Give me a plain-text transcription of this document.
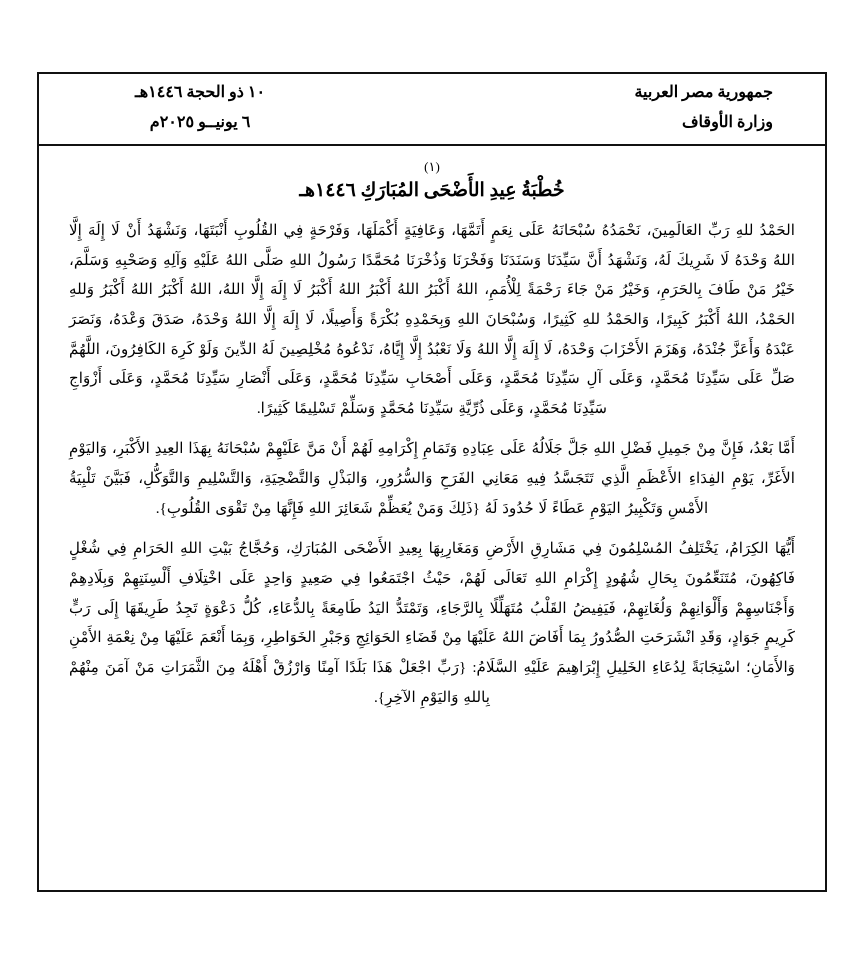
جمهورية مصر العربية
وزارة الأوقاف
١٠ ذو الحجة ١٤٤٦هـ
٦ يونيــو ٢٠٢٥م
(١)
خُطْبَةُ عِيدِ الأَضْحَى المُبَارَكِ ١٤٤٦هـ

الحَمْدُ للهِ رَبِّ العَالَمِينَ، نَحْمَدُهُ سُبْحَانَهُ عَلَى نِعَمٍ أَتَمَّهَا، وَعَافِيَةٍ أَكْمَلَهَا، وَفَرْحَةٍ فِي القُلُوبِ أَنْبَتَهَا، وَنَشْهَدُ أَنْ لَا إِلَهَ إِلَّا اللهُ وَحْدَهُ لَا شَرِيكَ لَهُ، وَنَشْهَدُ أَنَّ سَيِّدَنَا وَسَنَدَنَا وَفَخْرَنَا وَذُخْرَنَا مُحَمَّدًا رَسُولُ اللهِ صَلَّى اللهُ عَلَيْهِ وَآلِهِ وَصَحْبِهِ وَسَلَّمَ، خَيْرُ مَنْ طَافَ بِالحَرَمِ، وَخَيْرُ مَنْ جَاءَ رَحْمَةً لِلْأُمَمِ، اللهُ أَكْبَرُ اللهُ أَكْبَرُ اللهُ أَكْبَرُ لَا إِلَهَ إِلَّا اللهُ، اللهُ أَكْبَرُ اللهُ أَكْبَرُ وَللهِ الحَمْدُ، اللهُ أَكْبَرُ كَبِيرًا، وَالحَمْدُ للهِ كَثِيرًا، وَسُبْحَانَ اللهِ وَبِحَمْدِهِ بُكْرَةً وَأَصِيلًا، لَا إِلَهَ إِلَّا اللهُ وَحْدَهُ، صَدَقَ وَعْدَهُ، وَنَصَرَ عَبْدَهُ وَأَعَزَّ جُنْدَهُ، وَهَزَمَ الأَحْزَابَ وَحْدَهُ، لَا إِلَهَ إِلَّا اللهُ وَلَا نَعْبُدُ إِلَّا إِيَّاهُ، نَدْعُوهُ مُخْلِصِينَ لَهُ الدِّينَ وَلَوْ كَرِهَ الكَافِرُونَ، اللَّهُمَّ صَلِّ عَلَى سَيِّدِنَا مُحَمَّدٍ، وَعَلَى آلِ سَيِّدِنَا مُحَمَّدٍ، وَعَلَى أَصْحَابِ سَيِّدِنَا مُحَمَّدٍ، وَعَلَى أَنْصَارِ سَيِّدِنَا مُحَمَّدٍ، وَعَلَى أَزْوَاجِ سَيِّدِنَا مُحَمَّدٍ، وَعَلَى ذُرِّيَّةِ سَيِّدِنَا مُحَمَّدٍ وَسَلِّمْ تَسْلِيمًا كَثِيرًا.

أَمَّا بَعْدُ، فَإِنَّ مِنْ جَمِيلِ فَضْلِ اللهِ جَلَّ جَلَالُهُ عَلَى عِبَادِهِ وَتَمَامِ إِكْرَامِهِ لَهُمْ أَنْ مَنَّ عَلَيْهِمْ سُبْحَانَهُ بِهَذَا العِيدِ الأَكْبَرِ، وَاليَوْمِ الأَغَرِّ، يَوْمِ الفِدَاءِ الأَعْظَمِ الَّذِي تَتَجَسَّدُ فِيهِ مَعَانِي الفَرَحِ وَالسُّرُورِ، وَالبَذْلِ وَالتَّضْحِيَةِ، وَالتَّسْلِيمِ وَالتَّوَكُّلِ، فَبَيَّنَ تَلْبِيَةُ الأَمْسِ وَتَكْبِيرُ اليَوْمِ عَطَاءً لَا حُدُودَ لَهُ {ذَلِكَ وَمَنْ يُعَظِّمْ شَعَائِرَ اللهِ فَإِنَّهَا مِنْ تَقْوَى القُلُوبِ}.

أَيُّهَا الكِرَامُ، يَخْتَلِفُ المُسْلِمُونَ فِي مَشَارِقِ الأَرْضِ وَمَغَارِبِهَا بِعِيدِ الأَضْحَى المُبَارَكِ، وَحُجَّاجُ بَيْتِ اللهِ الحَرَامِ فِي شُغْلٍ فَاكِهُونَ، مُتَنَعِّمُونَ بِحَالِ شُهُودٍ إِكْرَامِ اللهِ تَعَالَى لَهُمْ، حَيْثُ اجْتَمَعُوا فِي صَعِيدٍ وَاحِدٍ عَلَى اخْتِلَافِ أَلْسِنَتِهِمْ وَبِلَادِهِمْ وَأَجْنَاسِهِمْ وَأَلْوَانِهِمْ وَلُغَاتِهِمْ، فَيَفِيضُ القَلْبُ مُتَهَلِّلًا بِالرَّجَاءِ، وَتَمْتَدُّ اليَدُ طَامِعَةً بِالدُّعَاءِ، كُلُّ دَعْوَةٍ تَجِدُ طَرِيقَهَا إِلَى رَبٍّ كَرِيمٍ جَوَادٍ، وَقَدِ انْشَرَحَتِ الصُّدُورُ بِمَا أَفَاضَ اللهُ عَلَيْهَا مِنْ قَضَاءِ الحَوَائِجِ وَجَبْرِ الخَوَاطِرِ، وَبِمَا أَنْعَمَ عَلَيْهَا مِنْ نِعْمَةِ الأَمْنِ وَالأَمَانِ؛ اسْتِجَابَةً لِدُعَاءِ الخَلِيلِ إِبْرَاهِيمَ عَلَيْهِ السَّلَامُ: {رَبِّ اجْعَلْ هَذَا بَلَدًا آمِنًا وَارْزُقْ أَهْلَهُ مِنَ الثَّمَرَاتِ مَنْ آمَنَ مِنْهُمْ بِاللهِ وَاليَوْمِ الآخِرِ}.
